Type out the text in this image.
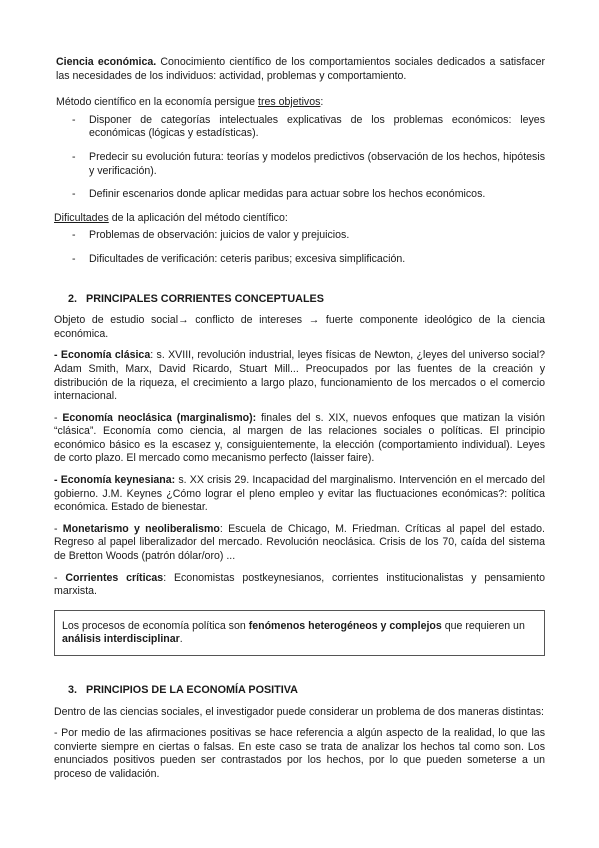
Ciencia económica. Conocimiento científico de los comportamientos sociales dedicados a satisfacer las necesidades de los individuos: actividad, problemas y comportamiento.

Método científico en la economía persigue tres objetivos:

- Disponer de categorías intelectuales explicativas de los problemas económicos: leyes económicas (lógicas y estadísticas).
- Predecir su evolución futura: teorías y modelos predictivos (observación de los hechos, hipótesis y verificación).
- Definir escenarios donde aplicar medidas para actuar sobre los hechos económicos.

Dificultades de la aplicación del método científico:

- Problemas de observación: juicios de valor y prejuicios.
- Dificultades de verificación: ceteris paribus; excesiva simplificación.
2. PRINCIPALES CORRIENTES CONCEPTUALES

Objeto de estudio social→ conflicto de intereses → fuerte componente ideológico de la ciencia económica.

- Economía clásica: s. XVIII, revolución industrial, leyes físicas de Newton, ¿leyes del universo social? Adam Smith, Marx, David Ricardo, Stuart Mill... Preocupados por las fuentes de la creación y distribución de la riqueza, el crecimiento a largo plazo, funcionamiento de los mercados o el comercio internacional.

- Economía neoclásica (marginalismo): finales del s. XIX, nuevos enfoques que matizan la visión “clásica”. Economía como ciencia, al margen de las relaciones sociales o políticas. El principio económico básico es la escasez y, consiguientemente, la elección (comportamiento individual). Leyes de corto plazo. El mercado como mecanismo perfecto (laisser faire).

- Economía keynesiana: s. XX crisis 29. Incapacidad del marginalismo. Intervención en el mercado del gobierno. J.M. Keynes ¿Cómo lograr el pleno empleo y evitar las fluctuaciones económicas?: política económica. Estado de bienestar.

- Monetarismo y neoliberalismo: Escuela de Chicago, M. Friedman. Críticas al papel del estado. Regreso al papel liberalizador del mercado. Revolución neoclásica. Crisis de los 70, caída del sistema de Bretton Woods (patrón dólar/oro) ...

- Corrientes críticas: Economistas postkeynesianos, corrientes institucionalistas y pensamiento marxista.

Los procesos de economía política son fenómenos heterogéneos y complejos que requieren un análisis interdisciplinar.
3. PRINCIPIOS DE LA ECONOMÍA POSITIVA

Dentro de las ciencias sociales, el investigador puede considerar un problema de dos maneras distintas:

- Por medio de las afirmaciones positivas se hace referencia a algún aspecto de la realidad, lo que las convierte siempre en ciertas o falsas. En este caso se trata de analizar los hechos tal como son. Los enunciados positivos pueden ser contrastados por los hechos, por lo que pueden someterse a un proceso de validación.
